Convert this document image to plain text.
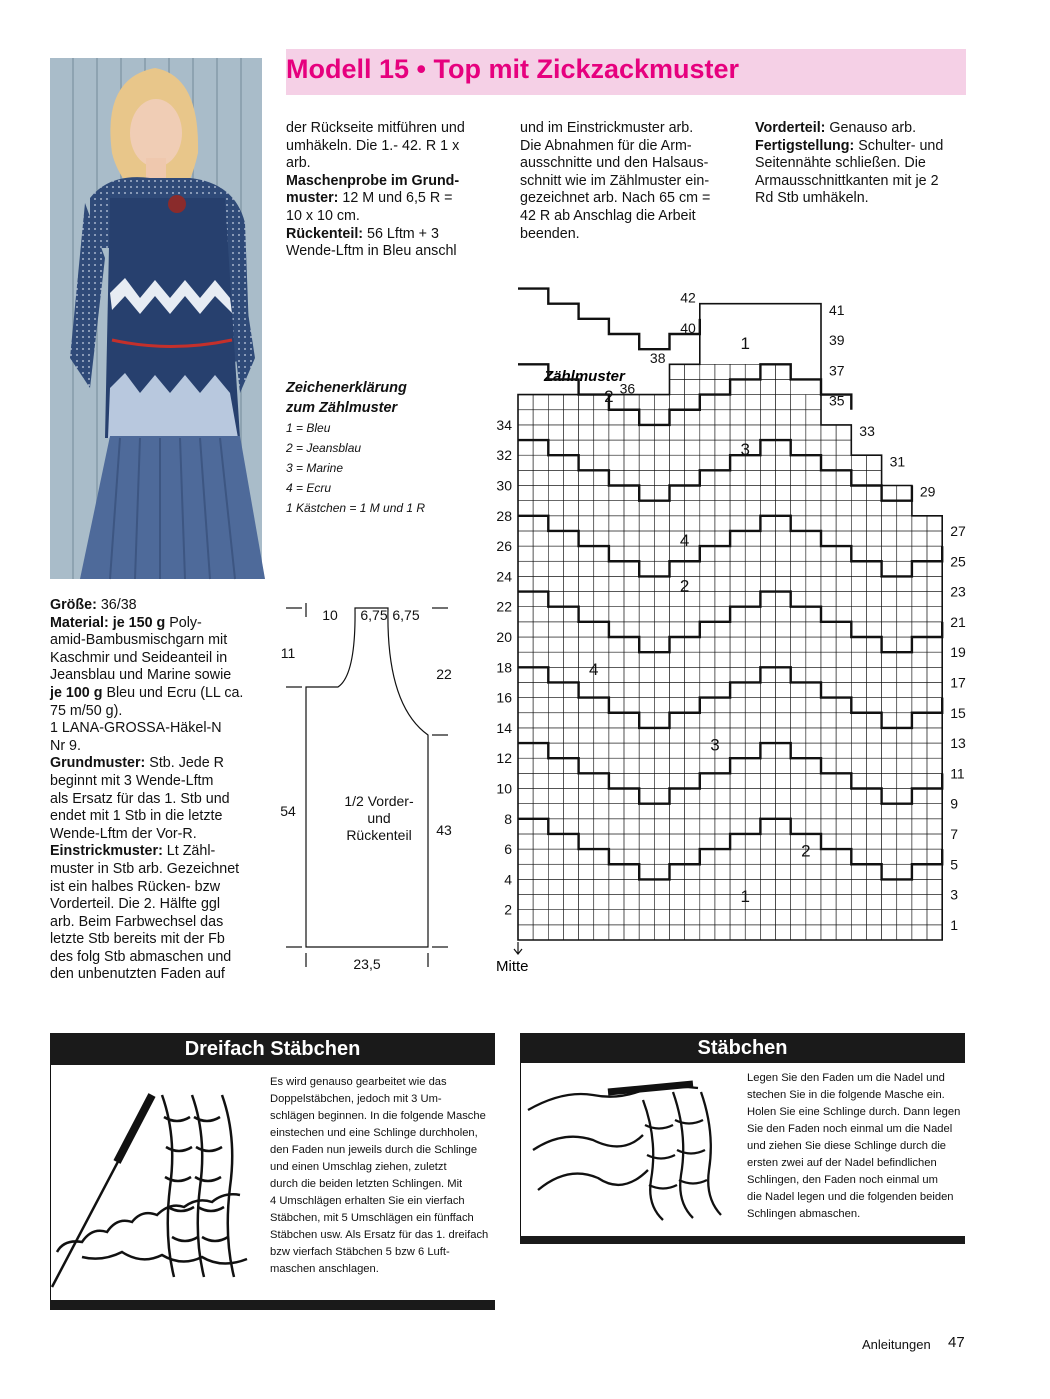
Modell 15 • Top mit Zickzackmuster

der Rückseite mitführen und

umhäkeln. Die 1.- 42. R 1 x

arb.

Maschenprobe im Grund-

muster: 12 M und 6,5 R =

10 x 10 cm.

Rückenteil: 56 Lftm + 3

Wende-Lftm in Bleu anschl

und im Einstrickmuster arb.

Die Abnahmen für die Arm-

ausschnitte und den Halsaus-

schnitt wie im Zählmuster ein-

gezeichnet arb. Nach 65 cm =

42 R ab Anschlag die Arbeit

beenden.

Vorderteil: Genauso arb.

Fertigstellung: Schulter- und

Seitennähte schließen. Die

Armausschnittkanten mit je 2

Rd Stb umhäkeln.

Zeichenerklärung
zum Zählmuster
1 = Bleu
2 = Jeansblau
3 = Marine
4 = Ecru
1 Kästchen = 1 M und 1 R

Größe: 36/38

Material: je 150 g Poly-

amid-Bambusmischgarn mit

Kaschmir und Seideanteil in

Jeansblau und Marine sowie

je 100 g Bleu und Ecru (LL ca.

75 m/50 g).

1 LANA-GROSSA-Häkel-N

Nr 9.

Grundmuster: Stb. Jede R

beginnt mit 3 Wende-Lftm

als Ersatz für das 1. Stb und

endet mit 1 Stb in die letzte

Wende-Lftm der Vor-R.

Einstrickmuster: Lt Zähl-

muster in Stb arb. Gezeichnet

ist ein halbes Rücken- bzw

Vorderteil. Die 2. Hälfte ggl

arb. Beim Farbwechsel das

letzte Stb bereits mit der Fb

des folg Stb abmaschen und

den unbenutzten Faden auf

10 6,75 6,75
11
22
54
43
1/2 Vorder-
und
Rückenteil
23,5
Zählmuster
Mitte
2
4
6
8
10
12
14
16
18
20
22
24
26
28
30
32
34
36
38
40
42
1
3
5
7
9
11
13
15
17
19
21
23
25
27
29
31
33
35
37
39
41
1
2
3
4
2
4
3
2
1
Dreifach Stäbchen
Es wird genauso gearbeitet wie das
Doppelstäbchen, jedoch mit 3 Um-
schlägen beginnen. In die folgende Masche
einstechen und eine Schlinge durchholen,
den Faden nun jeweils durch die Schlinge
und einen Umschlag ziehen, zuletzt
durch die beiden letzten Schlingen. Mit
4 Umschlägen erhalten Sie ein vierfach
Stäbchen, mit 5 Umschlägen ein fünffach
Stäbchen usw. Als Ersatz für das 1. dreifach
bzw vierfach Stäbchen 5 bzw 6 Luft-
maschen anschlagen.
Stäbchen
Legen Sie den Faden um die Nadel und
stechen Sie in die folgende Masche ein.
Holen Sie eine Schlinge durch. Dann legen
Sie den Faden noch einmal um die Nadel
und ziehen Sie diese Schlinge durch die
ersten zwei auf der Nadel befindlichen
Schlingen, den Faden noch einmal um
die Nadel legen und die folgenden beiden
Schlingen abmaschen.
Anleitungen 47
